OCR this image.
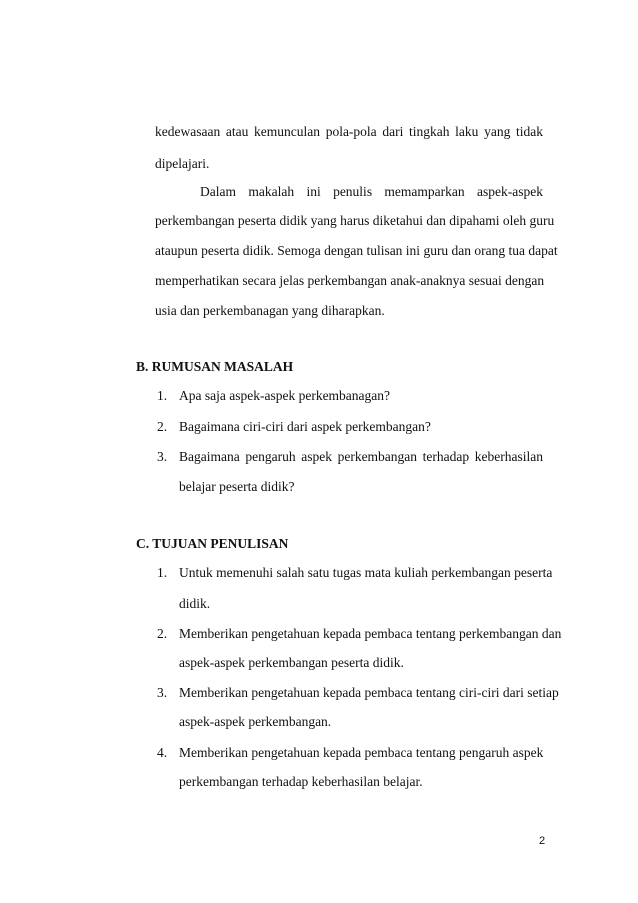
kedewasaan atau kemunculan pola-pola dari tingkah laku yang tidak
dipelajari.
Dalam makalah ini penulis memamparkan aspek-aspek
perkembangan peserta didik yang harus diketahui dan dipahami oleh guru
ataupun peserta didik. Semoga dengan tulisan ini guru dan orang tua dapat
memperhatikan secara jelas perkembangan anak-anaknya sesuai dengan
usia dan perkembanagan yang diharapkan.
B. RUMUSAN MASALAH
1. Apa saja aspek-aspek perkembanagan?
2. Bagaimana ciri-ciri dari aspek perkembangan?
3. Bagaimana pengaruh aspek perkembangan terhadap keberhasilan
belajar peserta didik?
C. TUJUAN PENULISAN
1. Untuk memenuhi salah satu tugas mata kuliah perkembangan peserta
didik.
2. Memberikan pengetahuan kepada pembaca tentang perkembangan dan
aspek-aspek perkembangan peserta didik.
3. Memberikan pengetahuan kepada pembaca tentang ciri-ciri dari setiap
aspek-aspek perkembangan.
4. Memberikan pengetahuan kepada pembaca tentang pengaruh aspek
perkembangan terhadap keberhasilan belajar.
2
